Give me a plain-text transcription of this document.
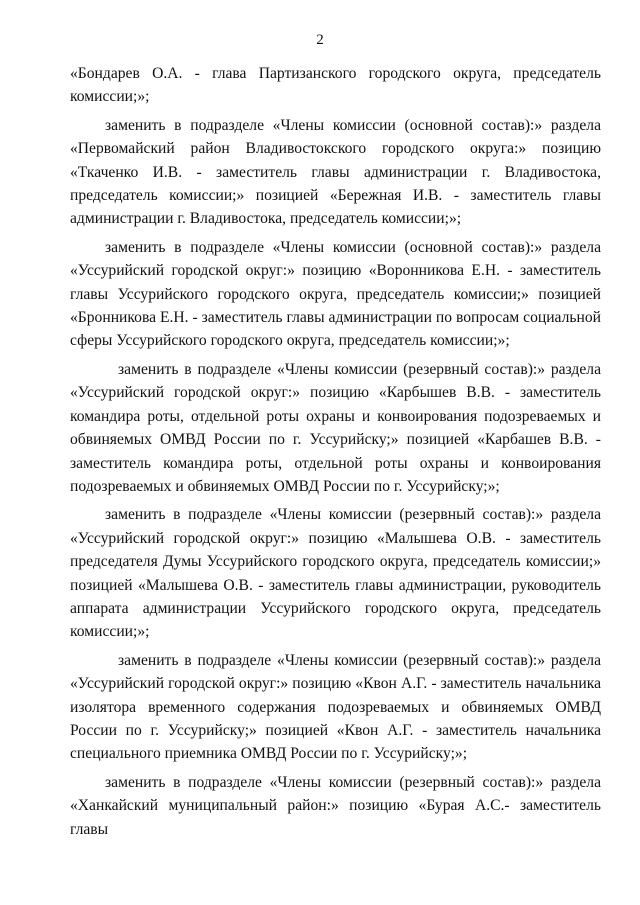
2

«Бондарев О.А. - глава Партизанского городского округа, председатель комиссии;»;

заменить в подразделе «Члены комиссии (основной состав):» раздела «Первомайский район Владивостокского городского округа:» позицию «Ткаченко И.В. - заместитель главы администрации г. Владивостока, председатель комиссии;» позицией «Бережная И.В. - заместитель главы администрации г. Владивостока, председатель комиссии;»;

заменить в подразделе «Члены комиссии (основной состав):» раздела «Уссурийский городской округ:» позицию «Воронникова Е.Н. - заместитель главы Уссурийского городского округа, председатель комиссии;» позицией «Бронникова Е.Н. - заместитель главы администрации по вопросам социальной сферы Уссурийского городского округа, председатель комиссии;»;

заменить в подразделе «Члены комиссии (резервный состав):» раздела «Уссурийский городской округ:» позицию «Карбышев В.В. - заместитель командира роты, отдельной роты охраны и конвоирования подозреваемых и обвиняемых ОМВД России по г. Уссурийску;» позицией «Карбашев В.В. - заместитель командира роты, отдельной роты охраны и конвоирования подозреваемых и обвиняемых ОМВД России по г. Уссурийску;»;

заменить в подразделе «Члены комиссии (резервный состав):» раздела «Уссурийский городской округ:» позицию «Малышева О.В. - заместитель председателя Думы Уссурийского городского округа, председатель комиссии;» позицией «Малышева О.В. - заместитель главы администрации, руководитель аппарата администрации Уссурийского городского округа, председатель комиссии;»;

заменить в подразделе «Члены комиссии (резервный состав):» раздела «Уссурийский городской округ:» позицию «Квон А.Г. - заместитель начальника изолятора временного содержания подозреваемых и обвиняемых ОМВД России по г. Уссурийску;» позицией «Квон А.Г. - заместитель начальника специального приемника ОМВД России по г. Уссурийску;»;

заменить в подразделе «Члены комиссии (резервный состав):» раздела «Ханкайский муниципальный район:» позицию «Бурая А.С.- заместитель главы
